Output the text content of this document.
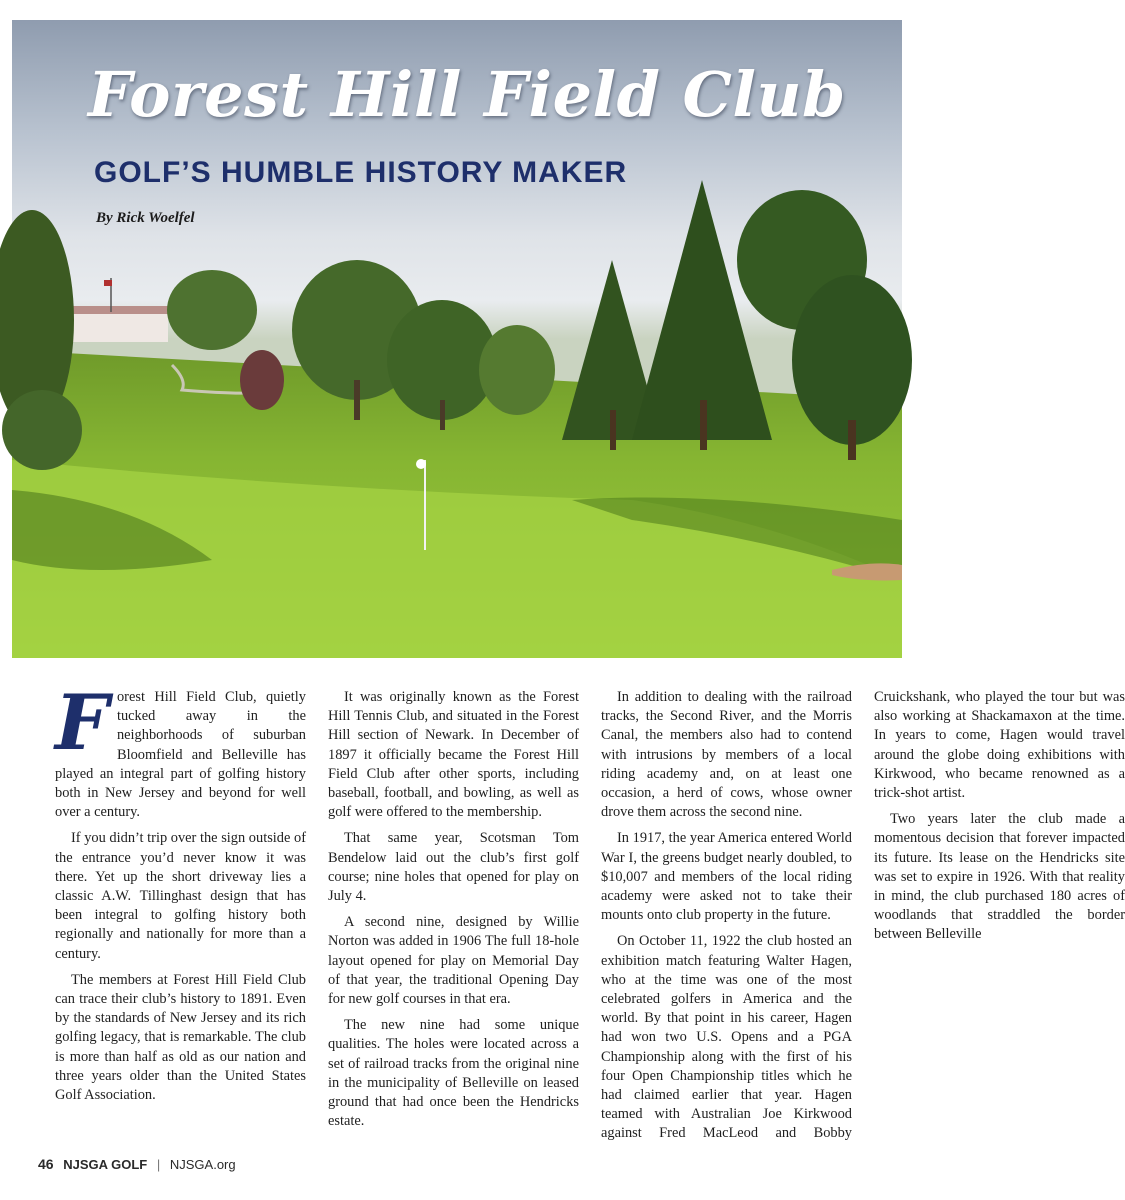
Forest Hill Field Club
GOLF’S HUMBLE HISTORY MAKER

By Rick Woelfel

Forest Hill Field Club, quietly tucked away in the neighborhoods of suburban Bloomfield and Belleville has played an integral part of golfing history both in New Jersey and beyond for well over a century.

If you didn’t trip over the sign outside of the entrance you’d never know it was there. Yet up the short driveway lies a classic A.W. Tillinghast design that has been integral to golfing history both regionally and nationally for more than a century.

The members at Forest Hill Field Club can trace their club’s history to 1891. Even by the standards of New Jersey and its rich golfing legacy, that is remarkable. The club is more than half as old as our nation and three years older than the United States Golf Association.

It was originally known as the Forest Hill Tennis Club, and situated in the Forest Hill section of Newark. In December of 1897 it officially became the Forest Hill Field Club after other sports, including baseball, football, and bowling, as well as golf were offered to the membership.

That same year, Scotsman Tom Bendelow laid out the club’s first golf course; nine holes that opened for play on July 4.

A second nine, designed by Willie Norton was added in 1906 The full 18-hole layout opened for play on Memorial Day of that year, the traditional Opening Day for new golf courses in that era.

The new nine had some unique qualities. The holes were located across a set of railroad tracks from the original nine in the municipality of Belleville on leased ground that had once been the Hendricks estate.

In addition to dealing with the railroad tracks, the Second River, and the Morris Canal, the members also had to contend with intrusions by members of a local riding academy and, on at least one occasion, a herd of cows, whose owner drove them across the second nine.

In 1917, the year America entered World War I, the greens budget nearly doubled, to $10,007 and members of the local riding academy were asked not to take their mounts onto club property in the future.

On October 11, 1922 the club hosted an exhibition match featuring Walter Hagen, who at the time was one of the most celebrated golfers in America and the world. By that point in his career, Hagen had won two U.S. Opens and a PGA Championship along with the first of his four Open Championship titles which he had claimed earlier that year. Hagen teamed with Australian Joe Kirkwood against Fred MacLeod and Bobby Cruickshank, who played the tour but was also working at Shackamaxon at the time. In years to come, Hagen would travel around the globe doing exhibitions with Kirkwood, who became renowned as a trick-shot artist.

Two years later the club made a momentous decision that forever impacted its future. Its lease on the Hendricks site was set to expire in 1926. With that reality in mind, the club purchased 180 acres of woodlands that straddled the border between Belleville

46 NJSGA GOLF | NJSGA.org
